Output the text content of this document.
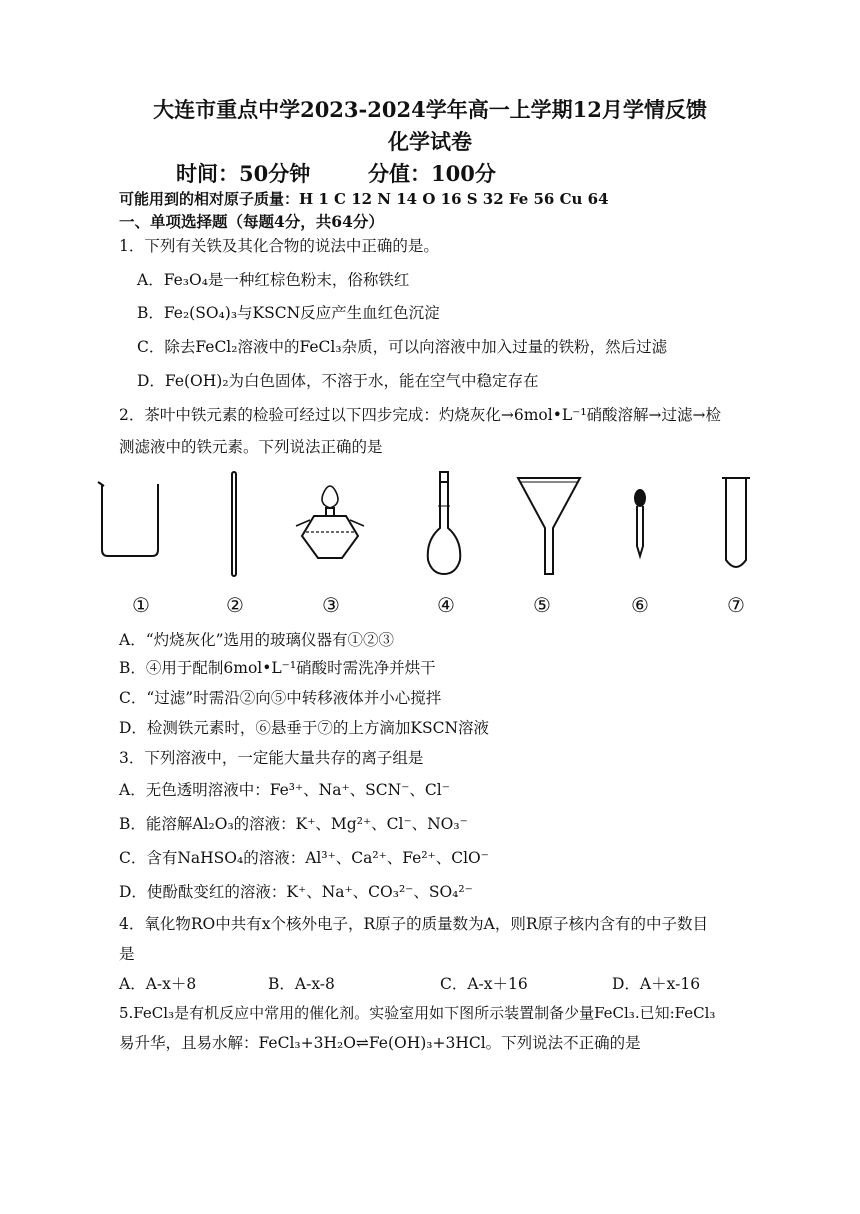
大连市重点中学2023-2024学年高一上学期12月学情反馈
化学试卷
时间：50分钟	分值：100分
可能用到的相对原子质量：H 1 C 12 N 14 O 16 S 32 Fe 56 Cu 64
一、单项选择题（每题4分，共64分）
1．下列有关铁及其化合物的说法中正确的是。
A．Fe₃O₄是一种红棕色粉末，俗称铁红
B．Fe₂(SO₄)₃与KSCN反应产生血红色沉淀
C．除去FeCl₂溶液中的FeCl₃杂质，可以向溶液中加入过量的铁粉，然后过滤
D．Fe(OH)₂为白色固体，不溶于水，能在空气中稳定存在
2．茶叶中铁元素的检验可经过以下四步完成：灼烧灰化→6mol•L⁻¹硝酸溶解→过滤→检
测滤液中的铁元素。下列说法正确的是
①	②	③	④	⑤	⑥	⑦
A．“灼烧灰化”选用的玻璃仪器有①②③
B．④用于配制6mol•L⁻¹硝酸时需洗净并烘干
C．“过滤”时需沿②向⑤中转移液体并小心搅拌
D．检测铁元素时，⑥悬垂于⑦的上方滴加KSCN溶液
3．下列溶液中，一定能大量共存的离子组是
A．无色透明溶液中：Fe³⁺、Na⁺、SCN⁻、Cl⁻
B．能溶解Al₂O₃的溶液：K⁺、Mg²⁺、Cl⁻、NO₃⁻
C．含有NaHSO₄的溶液：Al³⁺、Ca²⁺、Fe²⁺、ClO⁻
D．使酚酞变红的溶液：K⁺、Na⁺、CO₃²⁻、SO₄²⁻
4．氧化物RO中共有x个核外电子，R原子的质量数为A，则R原子核内含有的中子数目
是
A．A-x＋8	B．A-x-8	C．A-x＋16	D．A＋x-16
5.FeCl₃是有机反应中常用的催化剂。实验室用如下图所示装置制备少量FeCl₃.已知:FeCl₃
易升华，且易水解：FeCl₃+3H₂O⇌Fe(OH)₃+3HCl。下列说法不正确的是
